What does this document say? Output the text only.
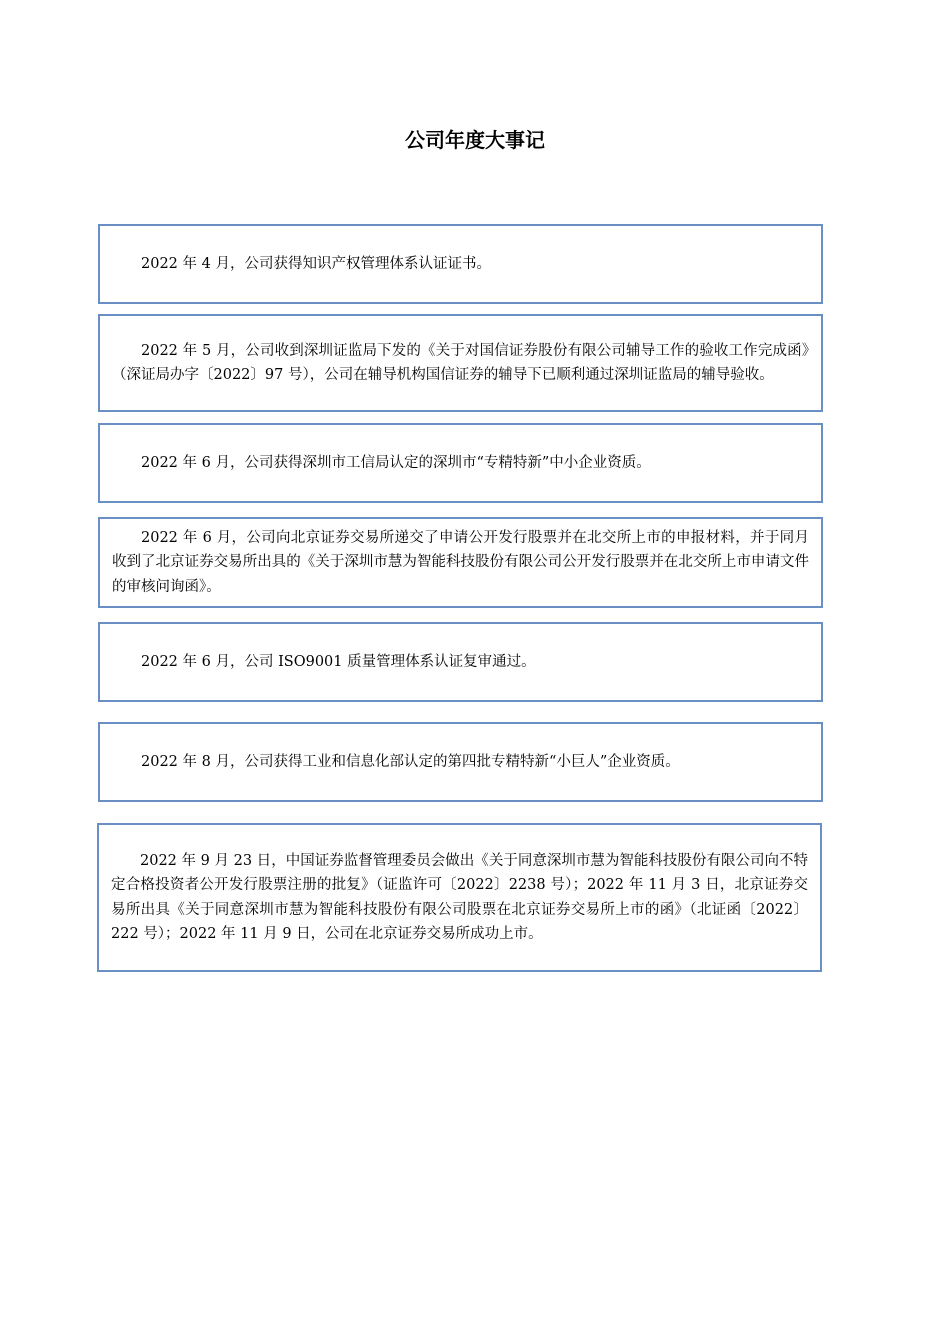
公司年度大事记

2022 年 4 月，公司获得知识产权管理体系认证证书。

2022 年 5 月，公司收到深圳证监局下发的《关于对国信证券股份有限公司辅导工作的验收工作完成函》（深证局办字〔2022〕97 号），公司在辅导机构国信证券的辅导下已顺利通过深圳证监局的辅导验收。

2022 年 6 月，公司获得深圳市工信局认定的深圳市“专精特新”中小企业资质。

2022 年 6 月，公司向北京证券交易所递交了申请公开发行股票并在北交所上市的申报材料，并于同月收到了北京证券交易所出具的《关于深圳市慧为智能科技股份有限公司公开发行股票并在北交所上市申请文件的审核问询函》。

2022 年 6 月，公司 ISO9001 质量管理体系认证复审通过。

2022 年 8 月，公司获得工业和信息化部认定的第四批专精特新“小巨人”企业资质。

2022 年 9 月 23 日，中国证券监督管理委员会做出《关于同意深圳市慧为智能科技股份有限公司向不特定合格投资者公开发行股票注册的批复》（证监许可〔2022〕2238 号）；2022 年 11 月 3 日，北京证券交易所出具《关于同意深圳市慧为智能科技股份有限公司股票在北京证券交易所上市的函》（北证函〔2022〕222 号）；2022 年 11 月 9 日，公司在北京证券交易所成功上市。
